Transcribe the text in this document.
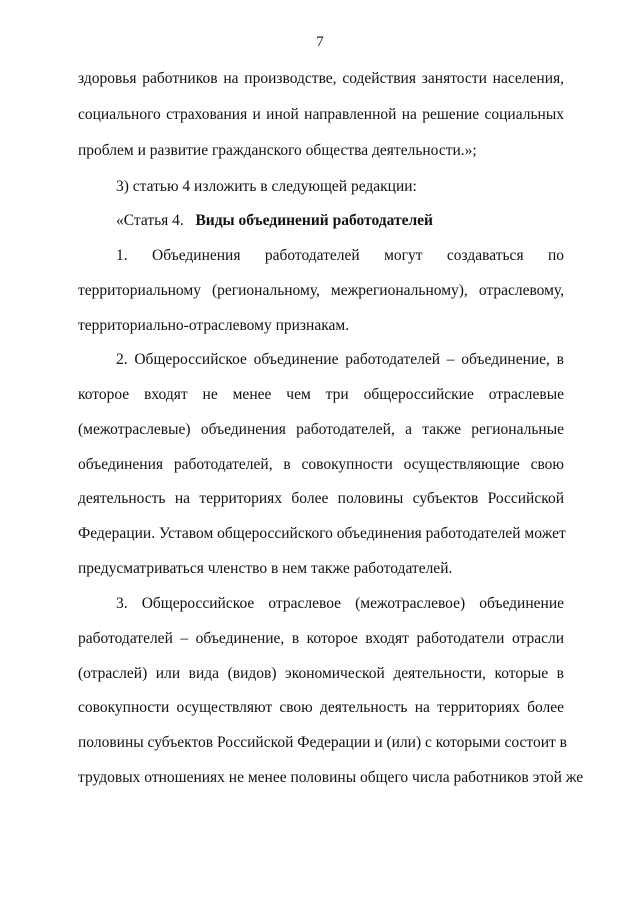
7
здоровья работников на производстве, содействия занятости населения,
социального страхования и иной направленной на решение социальных
проблем и развитие гражданского общества деятельности.»;
3) статью 4 изложить в следующей редакции:
«Статья 4. Виды объединений работодателей
1. Объединения работодателей могут создаваться по
территориальному (региональному, межрегиональному), отраслевому,
территориально-отраслевому признакам.
2. Общероссийское объединение работодателей – объединение, в
которое входят не менее чем три общероссийские отраслевые
(межотраслевые) объединения работодателей, а также региональные
объединения работодателей, в совокупности осуществляющие свою
деятельность на территориях более половины субъектов Российской
Федерации. Уставом общероссийского объединения работодателей может
предусматриваться членство в нем также работодателей.
3. Общероссийское отраслевое (межотраслевое) объединение
работодателей – объединение, в которое входят работодатели отрасли
(отраслей) или вида (видов) экономической деятельности, которые в
совокупности осуществляют свою деятельность на территориях более
половины субъектов Российской Федерации и (или) с которыми состоит в
трудовых отношениях не менее половины общего числа работников этой же
